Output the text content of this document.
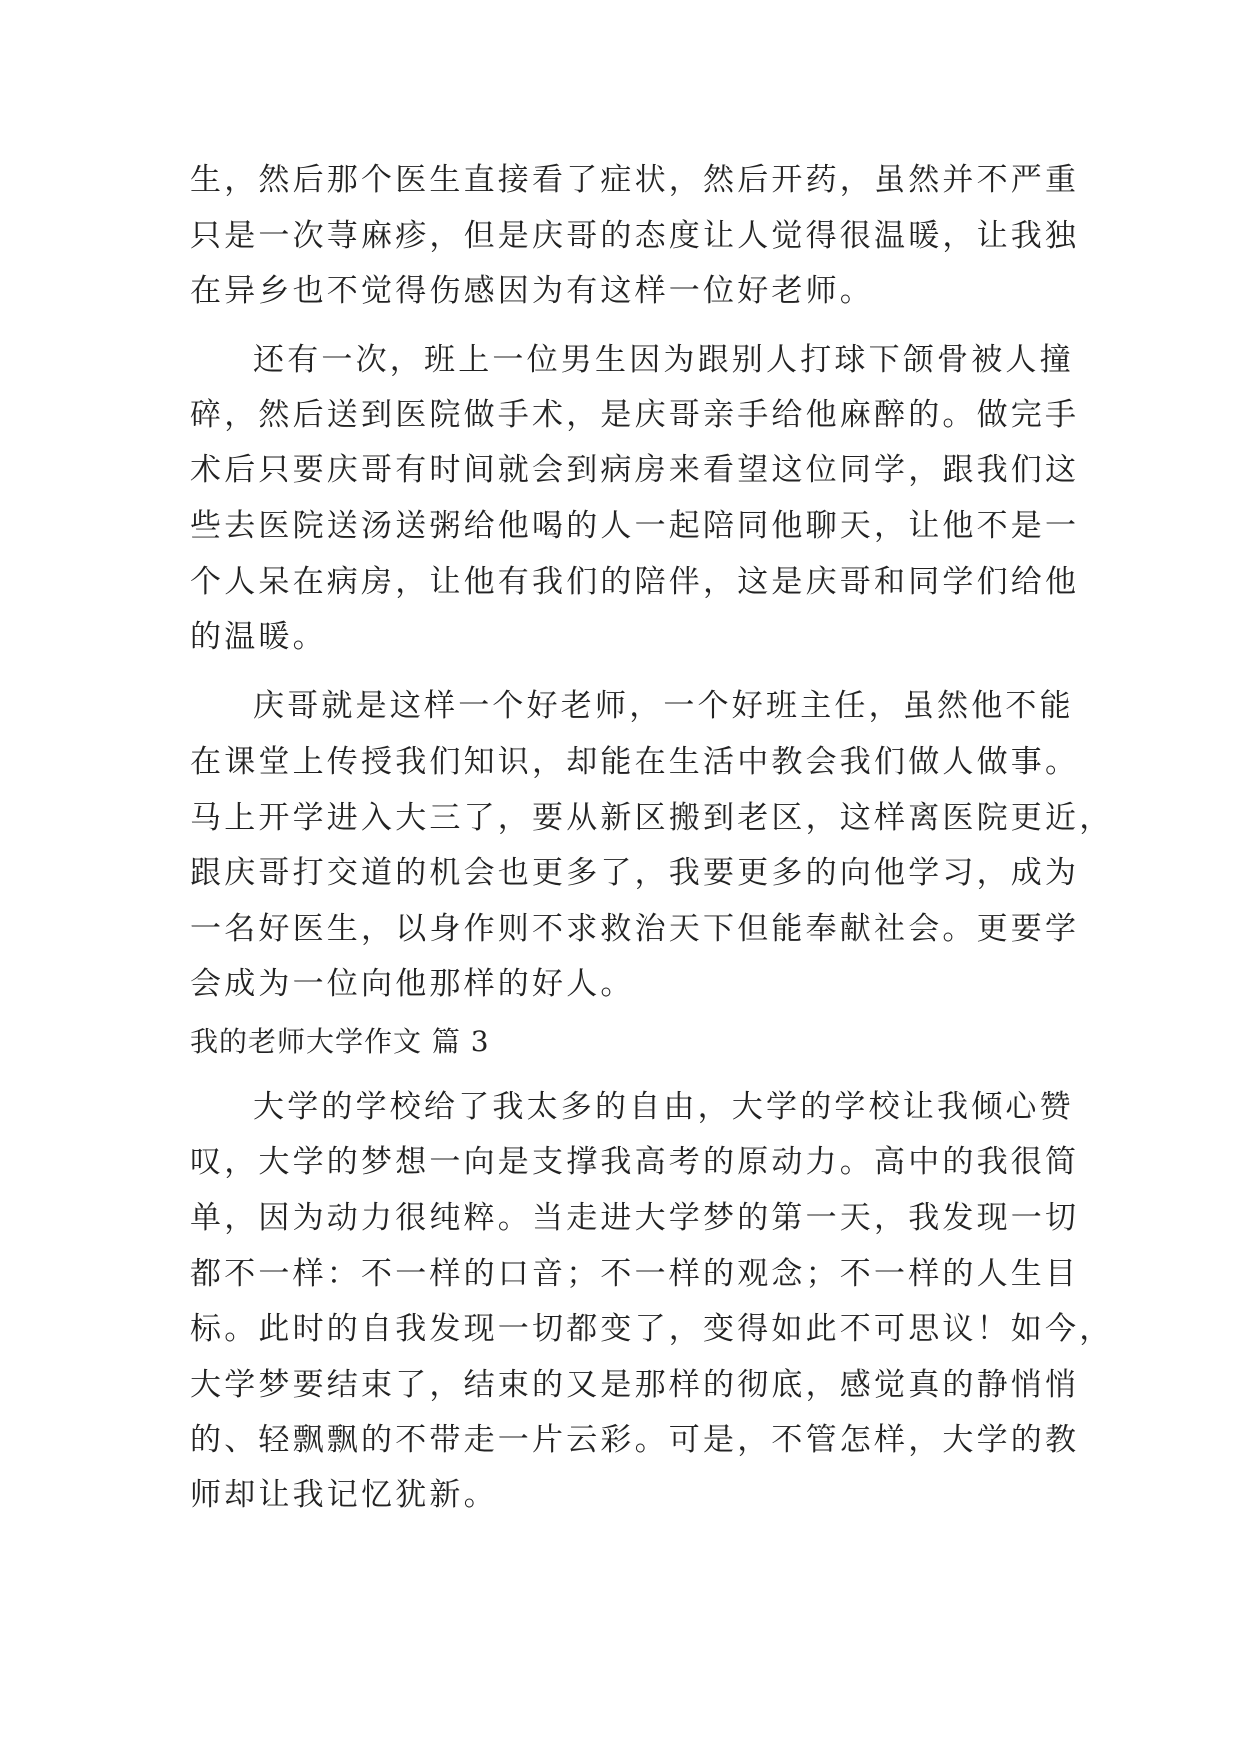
生，然后那个医生直接看了症状，然后开药，虽然并不严重

只是一次荨麻疹，但是庆哥的态度让人觉得很温暖，让我独

在异乡也不觉得伤感因为有这样一位好老师。

还有一次，班上一位男生因为跟别人打球下颌骨被人撞

碎，然后送到医院做手术，是庆哥亲手给他麻醉的。做完手

术后只要庆哥有时间就会到病房来看望这位同学，跟我们这

些去医院送汤送粥给他喝的人一起陪同他聊天，让他不是一

个人呆在病房，让他有我们的陪伴，这是庆哥和同学们给他

的温暖。

庆哥就是这样一个好老师，一个好班主任，虽然他不能

在课堂上传授我们知识，却能在生活中教会我们做人做事。

马上开学进入大三了，要从新区搬到老区，这样离医院更近，

跟庆哥打交道的机会也更多了，我要更多的向他学习，成为

一名好医生，以身作则不求救治天下但能奉献社会。更要学

会成为一位向他那样的好人。

我的老师大学作文 篇 3

大学的学校给了我太多的自由，大学的学校让我倾心赞

叹，大学的梦想一向是支撑我高考的原动力。高中的我很简

单，因为动力很纯粹。当走进大学梦的第一天，我发现一切

都不一样：不一样的口音；不一样的观念；不一样的人生目

标。此时的自我发现一切都变了，变得如此不可思议！如今，

大学梦要结束了，结束的又是那样的彻底，感觉真的静悄悄

的、轻飘飘的不带走一片云彩。可是，不管怎样，大学的教

师却让我记忆犹新。
